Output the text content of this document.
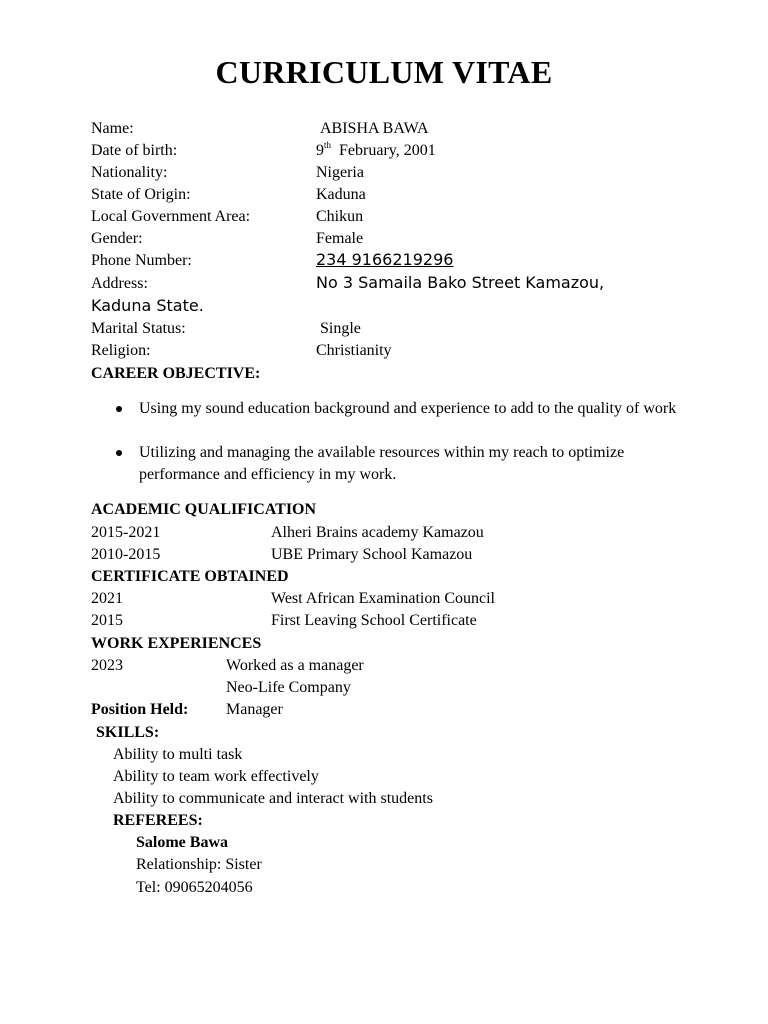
CURRICULUM VITAE
Name:	ABISHA BAWA
Date of birth:	9th February, 2001
Nationality:	Nigeria
State of Origin:	Kaduna
Local Government Area:	Chikun
Gender:	Female
Phone Number:	234 9166219296
Address:	No 3 Samaila Bako Street Kamazou,
Kaduna State.
Marital Status:	Single
Religion:	Christianity
CAREER OBJECTIVE:
Using my sound education background and experience to add to the quality of work
Utilizing and managing the available resources within my reach to optimize performance and efficiency in my work.
ACADEMIC QUALIFICATION
2015-2021	Alheri Brains academy Kamazou
2010-2015	UBE Primary School Kamazou
CERTIFICATE OBTAINED
2021	West African Examination Council
2015	First Leaving School Certificate
WORK EXPERIENCES
2023	Worked as a manager
Neo-Life Company
Position Held: Manager
SKILLS:
Ability to multi task
Ability to team work effectively
Ability to communicate and interact with students
REFEREES:
Salome Bawa
Relationship: Sister
Tel: 09065204056
